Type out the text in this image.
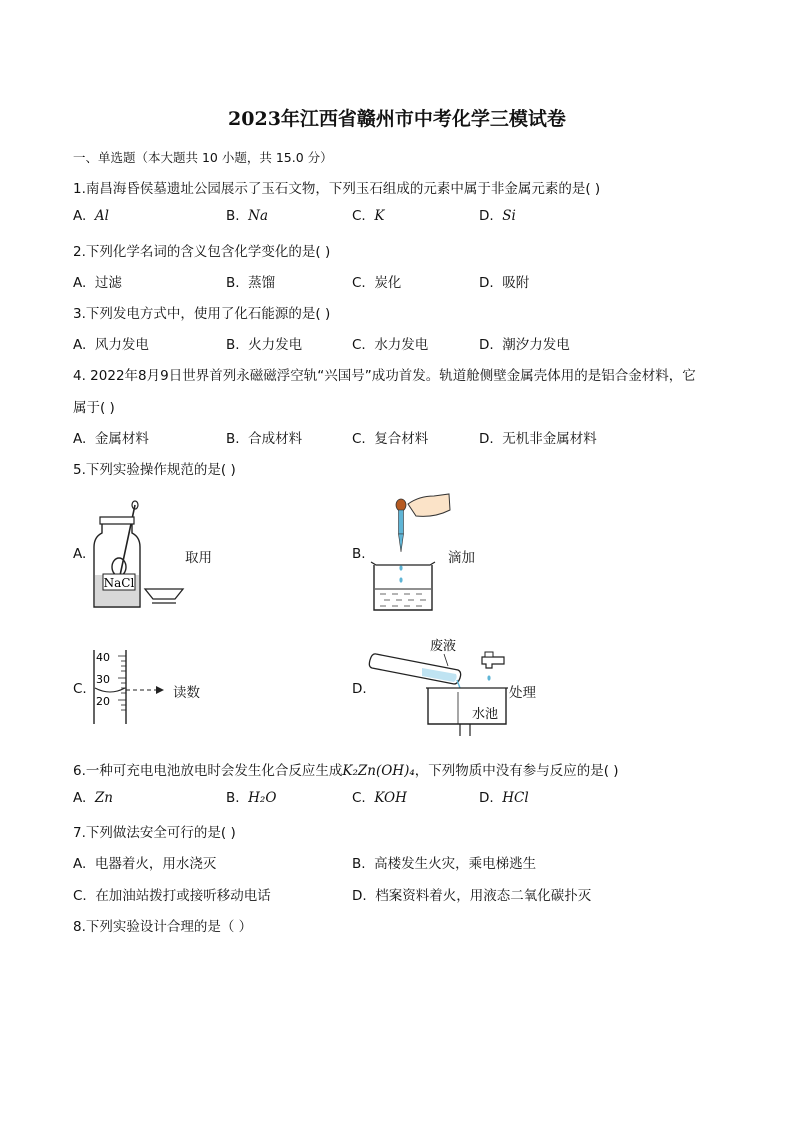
2023年江西省赣州市中考化学三模试卷
一、单选题（本大题共 10 小题，共 15.0 分）
1.南昌海昏侯墓遗址公园展示了玉石文物，下列玉石组成的元素中属于非金属元素的是( )
A. Al	B. Na	C. K	D. Si
2.下列化学名词的含义包含化学变化的是( )
A. 过滤	B. 蒸馏	C. 炭化	D. 吸附
3.下列发电方式中，使用了化石能源的是( )
A. 风力发电	B. 火力发电	C. 水力发电	D. 潮汐力发电
4. 2022年8月9日世界首列永磁磁浮空轨“兴国号”成功首发。轨道舱侧壁金属壳体用的是铝合金材料，它
属于( )
A. 金属材料	B. 合成材料	C. 复合材料	D. 无机非金属材料
5.下列实验操作规范的是( )
A.
NaCl
取用	B.	滴加
C.
40
30
20
读数	D.
废液
水池
处理
6.一种可充电电池放电时会发生化合反应生成K₂Zn(OH)₄，下列物质中没有参与反应的是( )
A. Zn	B. H₂O	C. KOH	D. HCl
7.下列做法安全可行的是( )
A. 电器着火，用水浇灭	B. 高楼发生火灾，乘电梯逃生
C. 在加油站拨打或接听移动电话	D. 档案资料着火，用液态二氧化碳扑灭
8.下列实验设计合理的是（ ）
